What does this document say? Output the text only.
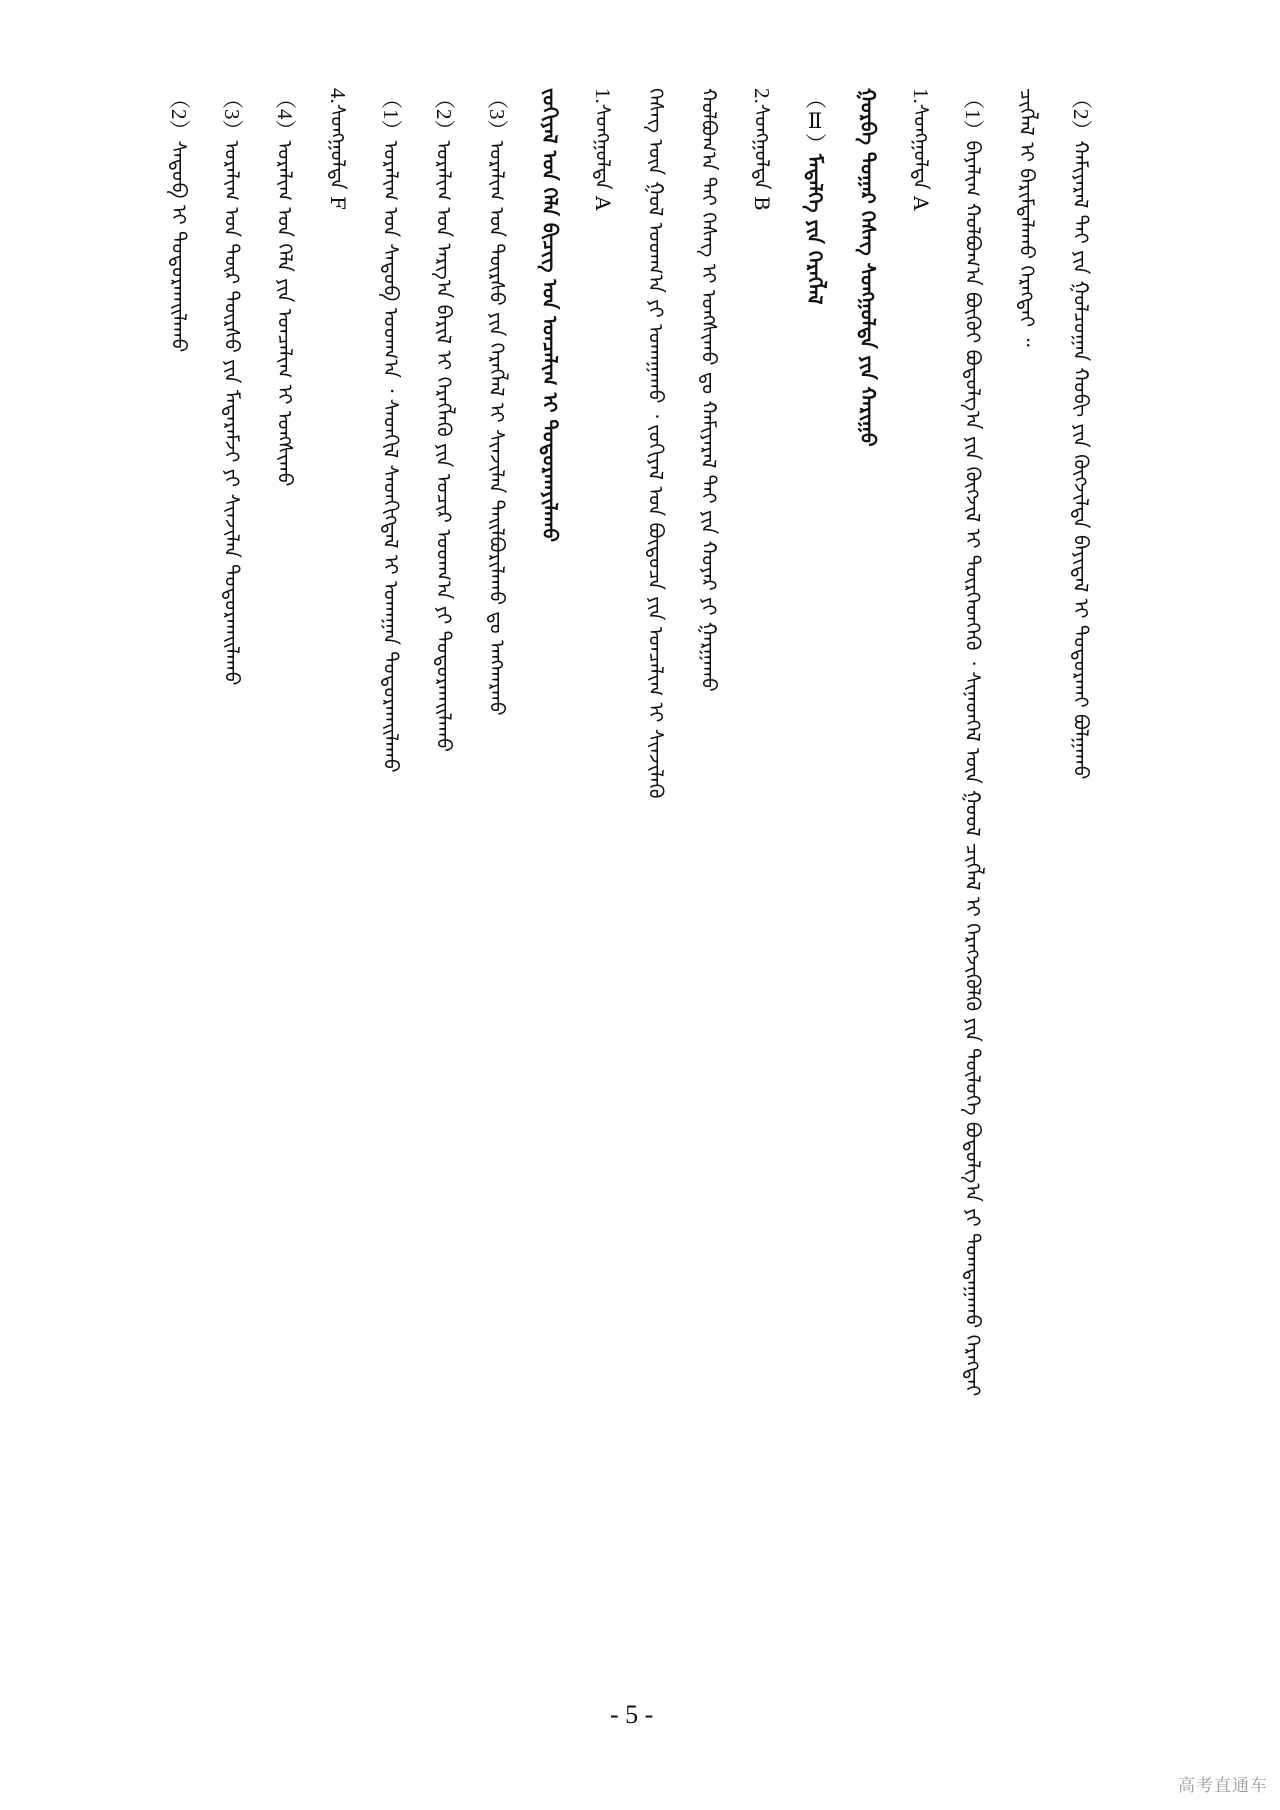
（2）ᠬᠠᠮᠢᠶᠠᠷᠠᠯ ᠲᠠᠢ ᠶᠢᠨ ᠭᠣᠯᠴᠤᠭᠠᠨ ᠬᠤᠪᠢ ᠶᠢᠨ ᠬᠥᠭᠵᠢᠯᠲᠡ ᠪᠠᠶᠢᠳᠠᠯ ᠢ ᠲᠣᠳᠤᠷᠬᠠᠢ ᠪᠣᠯᠭᠠᠬᠤ
ᠴᠢᠭᠯᠡᠯ ᠢ ᠪᠠᠷᠢᠮᠲᠠᠯᠠᠬᠤ ᠬᠡᠷᠡᠭᠲᠡᠢ ᠃
（1）ᠪᠠᠶᠠᠯᠢᠭ ᠬᠣᠯᠪᠣᠭ᠎ᠠ ᠪᠦᠬᠦᠢ ᠪᠣᠳᠤᠯᠭ᠎ᠠ ᠶᠢᠨ ᠬᠥᠭᠵᠢᠯ ᠢ ᠲᠦᠷᠭᠡᠳᠬᠡᠬᠦ ᠂ ᠰᠢᠨᠡᠳᠬᠡᠯ ᠦᠨ ᠭᠤᠤᠯ ᠴᠢᠭᠯᠡᠯ ᠢ ᠬᠡᠷᠡᠭᠵᠢᠭᠦᠯᠬᠦ ᠶᠢᠨ ᠲᠥᠯᠥᠭᠡ ᠪᠣᠳᠤᠯᠭ᠎ᠠ ᠶᠢ ᠲᠣᠭᠲᠠᠭᠠᠬᠤ ᠬᠡᠷᠡᠭᠲᠡᠢ
1.ᠰᠣᠩᠭᠣᠯᠲᠠ A
ᠭᠤᠷᠪᠠ ᠳᠤᠭᠠᠷ ᠬᠡᠰᠡᠭ ᠰᠣᠩᠭᠣᠯᠲᠠ ᠶᠢᠨ ᠬᠠᠷᠢᠭᠤ
（Ⅱ）ᠮᠡᠳᠡᠯᠭᠡ ᠶᠢᠨ ᠬᠡᠷᠡᠭᠯᠡᠯ
2.ᠰᠣᠩᠭᠣᠯᠲᠠ B
ᠬᠣᠯᠪᠣᠭ᠎ᠠ ᠲᠠᠢ ᠬᠡᠰᠡᠭ ᠢ ᠤᠩᠰᠢᠬᠤ ᠳᠤ ᠬᠠᠮᠢᠶᠠᠷᠠᠯ ᠲᠠᠢ ᠶᠢᠨ ᠬᠣᠶᠠᠷ ᠶᠢ ᠭᠠᠷᠭᠠᠬᠤ
ᠬᠡᠰᠡᠭ ᠦᠨ ᠭᠣᠯ ᠤᠳᠬ᠎ᠠ ᠶᠢ ᠤᠬᠠᠭᠠᠬᠤ ᠂ ᠵᠣᠬᠢᠶᠠᠯ ᠤᠨ ᠪᠦᠲᠦᠴᠡ ᠶᠢᠨ ᠣᠨᠴᠠᠯᠢᠭ ᠢ ᠰᠢᠨᠵᠢᠯᠡᠬᠦ
1.ᠰᠣᠩᠭᠣᠯᠲᠠ A
ᠵᠣᠬᠢᠶᠠᠯ ᠤᠨ ᠬᠡᠯᠡ ᠪᠢᠴᠢᠭ ᠤᠨ ᠣᠨᠴᠠᠯᠢᠭ ᠢ ᠲᠣᠳᠤᠷᠬᠠᠶᠢᠯᠠᠬᠤ
（3）ᠤᠷᠠᠯᠢᠭ ᠤᠨ ᠳᠦᠷᠰᠦ ᠶᠢᠨ ᠬᠡᠷᠡᠭᠯᠡᠯ ᠢ ᠰᠢᠨᠵᠢᠯᠡᠨ ᠲᠠᠢᠯᠪᠤᠷᠢᠯᠠᠬᠤ ᠳᠤ ᠠᠩᠬᠠᠷᠬᠤ
（2）ᠤᠷᠠᠯᠢᠭ ᠤᠨ ᠠᠷᠭ᠎ᠠ ᠪᠠᠷᠢᠯ ᠢ ᠬᠡᠷᠡᠭᠯᠡᠬᠦ ᠶᠢᠨ ᠤᠴᠢᠷ ᠤᠳᠬ᠎ᠠ ᠶᠢ ᠲᠣᠳᠤᠷᠬᠠᠢᠯᠠᠬᠤ
（1）ᠤᠷᠠᠯᠢᠭ ᠤᠨ ᠰᠡᠳᠦᠪ ᠤᠳᠬ᠎ᠠ ᠂ ᠰᠡᠳᠬᠢᠯ ᠰᠡᠳᠬᠢᠭᠳᠡᠯ ᠢ ᠤᠬᠠᠭᠠᠨ ᠲᠣᠳᠤᠷᠬᠠᠢᠯᠠᠬᠤ
4.ᠰᠣᠩᠭᠣᠯᠲᠠ F
（4）ᠤᠷᠠᠯᠢᠭ ᠤᠨ ᠬᠡᠯᠡ ᠶᠢᠨ ᠣᠨᠴᠠᠯᠢᠭ ᠢ ᠤᠩᠰᠢᠬᠤ
（3）ᠤᠷᠠᠯᠢᠭ ᠤᠨ ᠳᠦᠷ ᠳᠦᠷᠰᠦ ᠶᠢᠨ ᠮᠡᠳᠡᠷᠡᠮᠵᠢ ᠶᠢ ᠰᠢᠨᠵᠢᠯᠡᠨ ᠲᠣᠳᠤᠷᠬᠠᠢᠯᠠᠬᠤ
（2）ᠰᠡᠳᠦᠪ ᠢ ᠲᠣᠳᠤᠷᠬᠠᠢᠯᠠᠬᠤ
- 5 -
高考直通车
